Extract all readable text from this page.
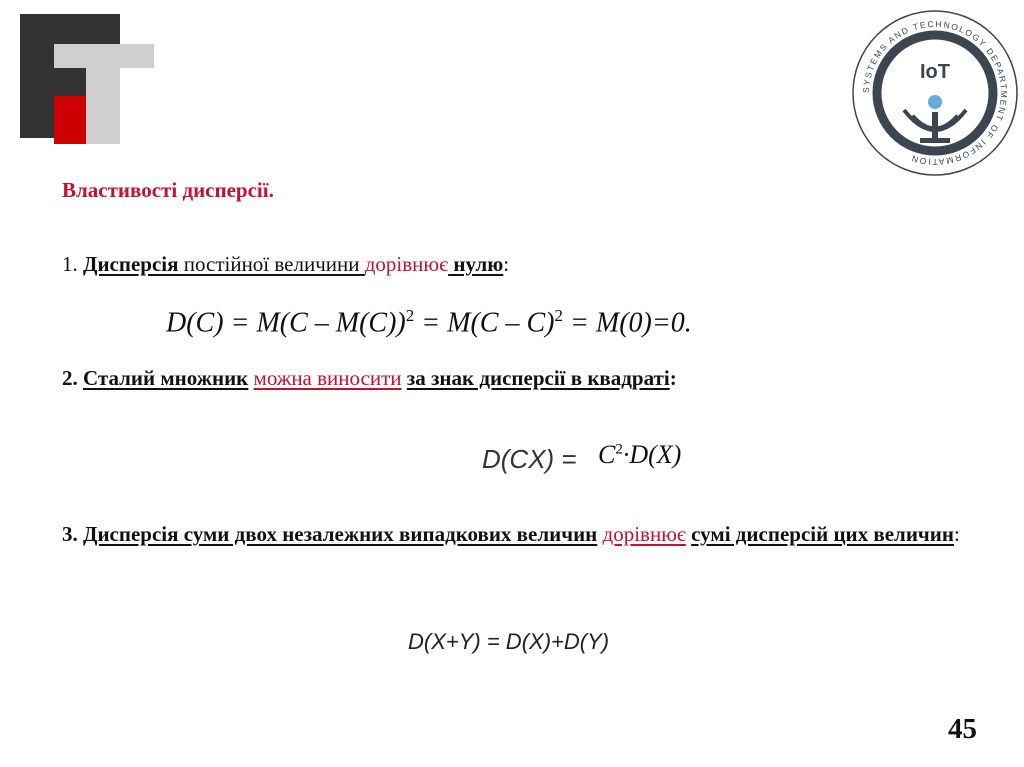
SYSTEMS AND TECHNOLOGY DEPARTMENT OF INFORMATION
IoT
Властивості дисперсії.
1. Дисперсія постійної величини дорівнює нулю:
D(C) = M(C – M(C))$^2$ = M(C – C)$^2$ = M(0)=0.
2. Сталий множник можна виносити за знак дисперсії в квадраті:
$D(CX) = C^2\cdot D(X)$
3. Дисперсія суми двох незалежних випадкових величин дорівнює сумі дисперсій цих величин:
D(X+Y) = D(X)+D(Y)
45
